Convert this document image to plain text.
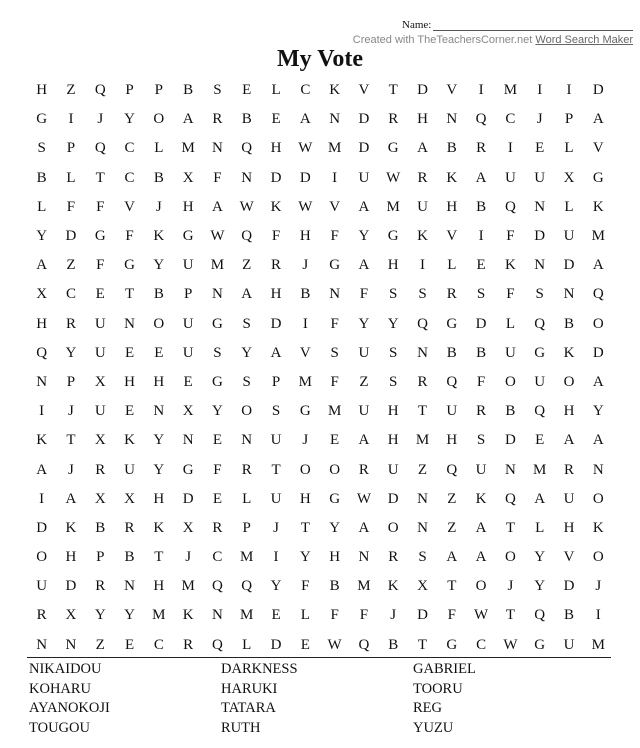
Name:
Created with TheTeachersCorner.net Word Search Maker
My Vote
H	Z	Q	P	P	B	S	E	L	C	K	V	T	D	V	I	M	I	I	D
G	I	J	Y	O	A	R	B	E	A	N	D	R	H	N	Q	C	J	P	A
S	P	Q	C	L	M	N	Q	H	W	M	D	G	A	B	R	I	E	L	V
B	L	T	C	B	X	F	N	D	D	I	U	W	R	K	A	U	U	X	G
L	F	F	V	J	H	A	W	K	W	V	A	M	U	H	B	Q	N	L	K
Y	D	G	F	K	G	W	Q	F	H	F	Y	G	K	V	I	F	D	U	M
A	Z	F	G	Y	U	M	Z	R	J	G	A	H	I	L	E	K	N	D	A
X	C	E	T	B	P	N	A	H	B	N	F	S	S	R	S	F	S	N	Q
H	R	U	N	O	U	G	S	D	I	F	Y	Y	Q	G	D	L	Q	B	O
Q	Y	U	E	E	U	S	Y	A	V	S	U	S	N	B	B	U	G	K	D
N	P	X	H	H	E	G	S	P	M	F	Z	S	R	Q	F	O	U	O	A
I	J	U	E	N	X	Y	O	S	G	M	U	H	T	U	R	B	Q	H	Y
K	T	X	K	Y	N	E	N	U	J	E	A	H	M	H	S	D	E	A	A
A	J	R	U	Y	G	F	R	T	O	O	R	U	Z	Q	U	N	M	R	N
I	A	X	X	H	D	E	L	U	H	G	W	D	N	Z	K	Q	A	U	O
D	K	B	R	K	X	R	P	J	T	Y	A	O	N	Z	A	T	L	H	K
O	H	P	B	T	J	C	M	I	Y	H	N	R	S	A	A	O	Y	V	O
U	D	R	N	H	M	Q	Q	Y	F	B	M	K	X	T	O	J	Y	D	J
R	X	Y	Y	M	K	N	M	E	L	F	F	J	D	F	W	T	Q	B	I
N	N	Z	E	C	R	Q	L	D	E	W	Q	B	T	G	C	W	G	U	M
NIKAIDOU	DARKNESS	GABRIEL
KOHARU	HARUKI	TOORU
AYANOKOJI	TATARA	REG
TOUGOU	RUTH	YUZU
